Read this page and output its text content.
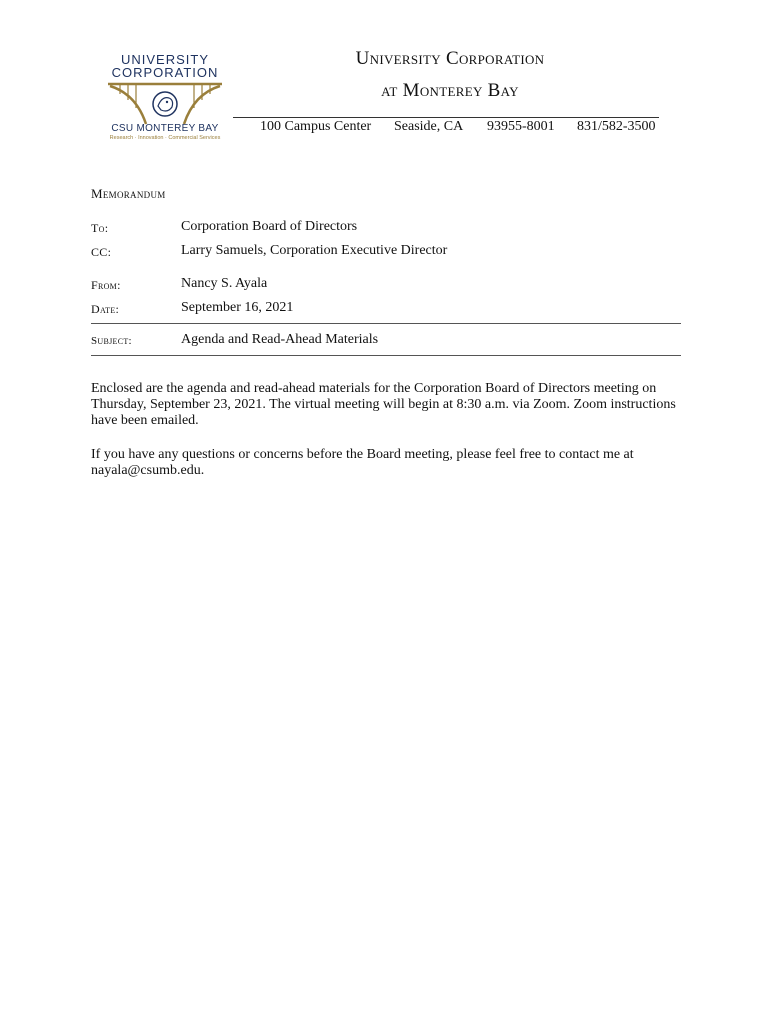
UNIVERSITY
CORPORATION
CSU MONTEREY BAY
Research · Innovation · Commercial Services
University Corporation
at Monterey Bay
100 Campus Center Seaside, CA 93955-8001 831/582-3500
Memorandum
To:	Corporation Board of Directors
CC:	Larry Samuels, Corporation Executive Director
From:	Nancy S. Ayala
Date:	September 16, 2021
Subject:	Agenda and Read-Ahead Materials
Enclosed are the agenda and read-ahead materials for the Corporation Board of Directors meeting on Thursday, September 23, 2021. The virtual meeting will begin at 8:30 a.m. via Zoom. Zoom instructions have been emailed.
If you have any questions or concerns before the Board meeting, please feel free to contact me at nayala@csumb.edu.
